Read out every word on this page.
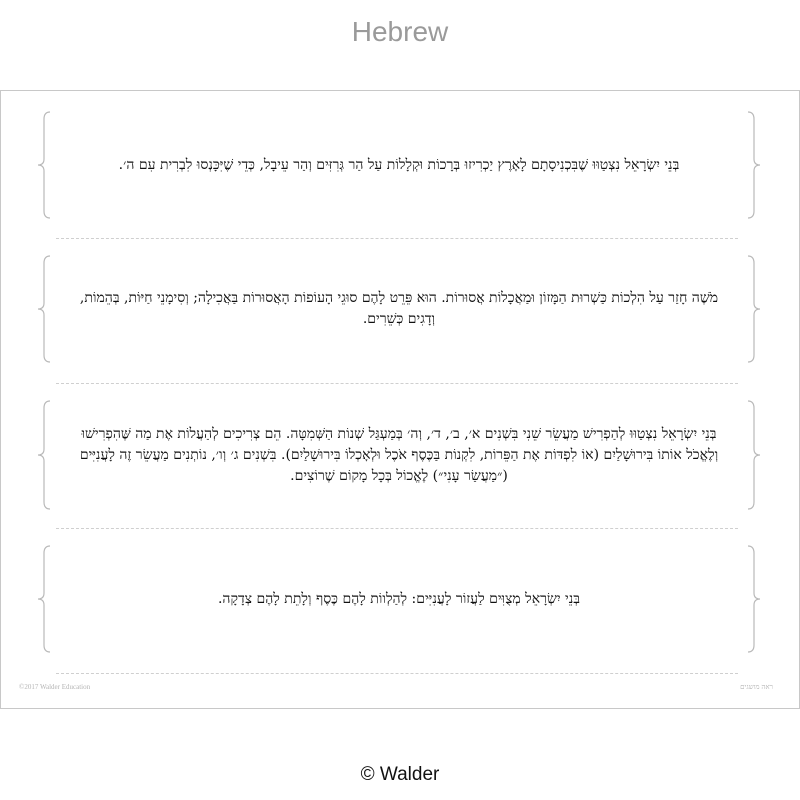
Hebrew
בְּנֵי יִשְׂרָאֵל נִצְטַוּוּ שֶׁבִּכְנִיסָתָם לָאָרֶץ יַכְרִיזוּ בְּרָכוֹת וּקְלָלוֹת עַל הַר גְּרִזִּים וְהַר עֵיבָל, כְּדֵי שֶׁיִּכָּנְסוּ לִבְרִית עִם ה׳.
מֹשֶׁה חָזַר עַל הִלְכוֹת כַּשְׁרוּת הַמָּזוֹן וּמַאֲכָלוֹת אֲסוּרוֹת. הוּא פֵּרֵט לָהֶם סוּגֵי הָעוֹפוֹת הָאֲסוּרוֹת בַּאֲכִילָה; וְסִימָנֵי חַיּוֹת, בְּהֵמוֹת, וְדָגִים כְּשֵׁרִים.
בְּנֵי יִשְׂרָאֵל נִצְטַוּוּ לְהַפְרִישׁ מַעֲשֵׂר שֵׁנִי בִּשְׁנִים א׳, ב׳, ד׳, וְה׳ בְּמַעְגַּל שְׁנוֹת הַשְּׁמִטָּה. הֵם צְרִיכִים לְהַעֲלוֹת אֶת מַה שֶּׁהִפְרִישׁוּ וְלֶאֱכֹל אוֹתוֹ בִּירוּשָׁלַיִם (אוֹ לִפְדּוֹת אֶת הַפֵּרוֹת, לִקְנוֹת בַּכֶּסֶף אֹכֶל וּלְאָכְלוֹ בִּירוּשָׁלַיִם). בִּשְׁנִים ג׳ וְו׳, נוֹתְנִים מַעֲשֵׂר זֶה לָעֲנִיִּים (״מַעֲשַׂר עָנִי״) לֶאֱכוֹל בְּכָל מָקוֹם שֶׁרוֹצִים.
בְּנֵי יִשְׂרָאֵל מְצֻוִּים לַעֲזוֹר לָעֲנִיִּים: לְהַלְווֹת לָהֶם כֶּסֶף וְלָתֵת לָהֶם צְדָקָה.
©2017 Walder Education	ראה מושגים
© Walder
